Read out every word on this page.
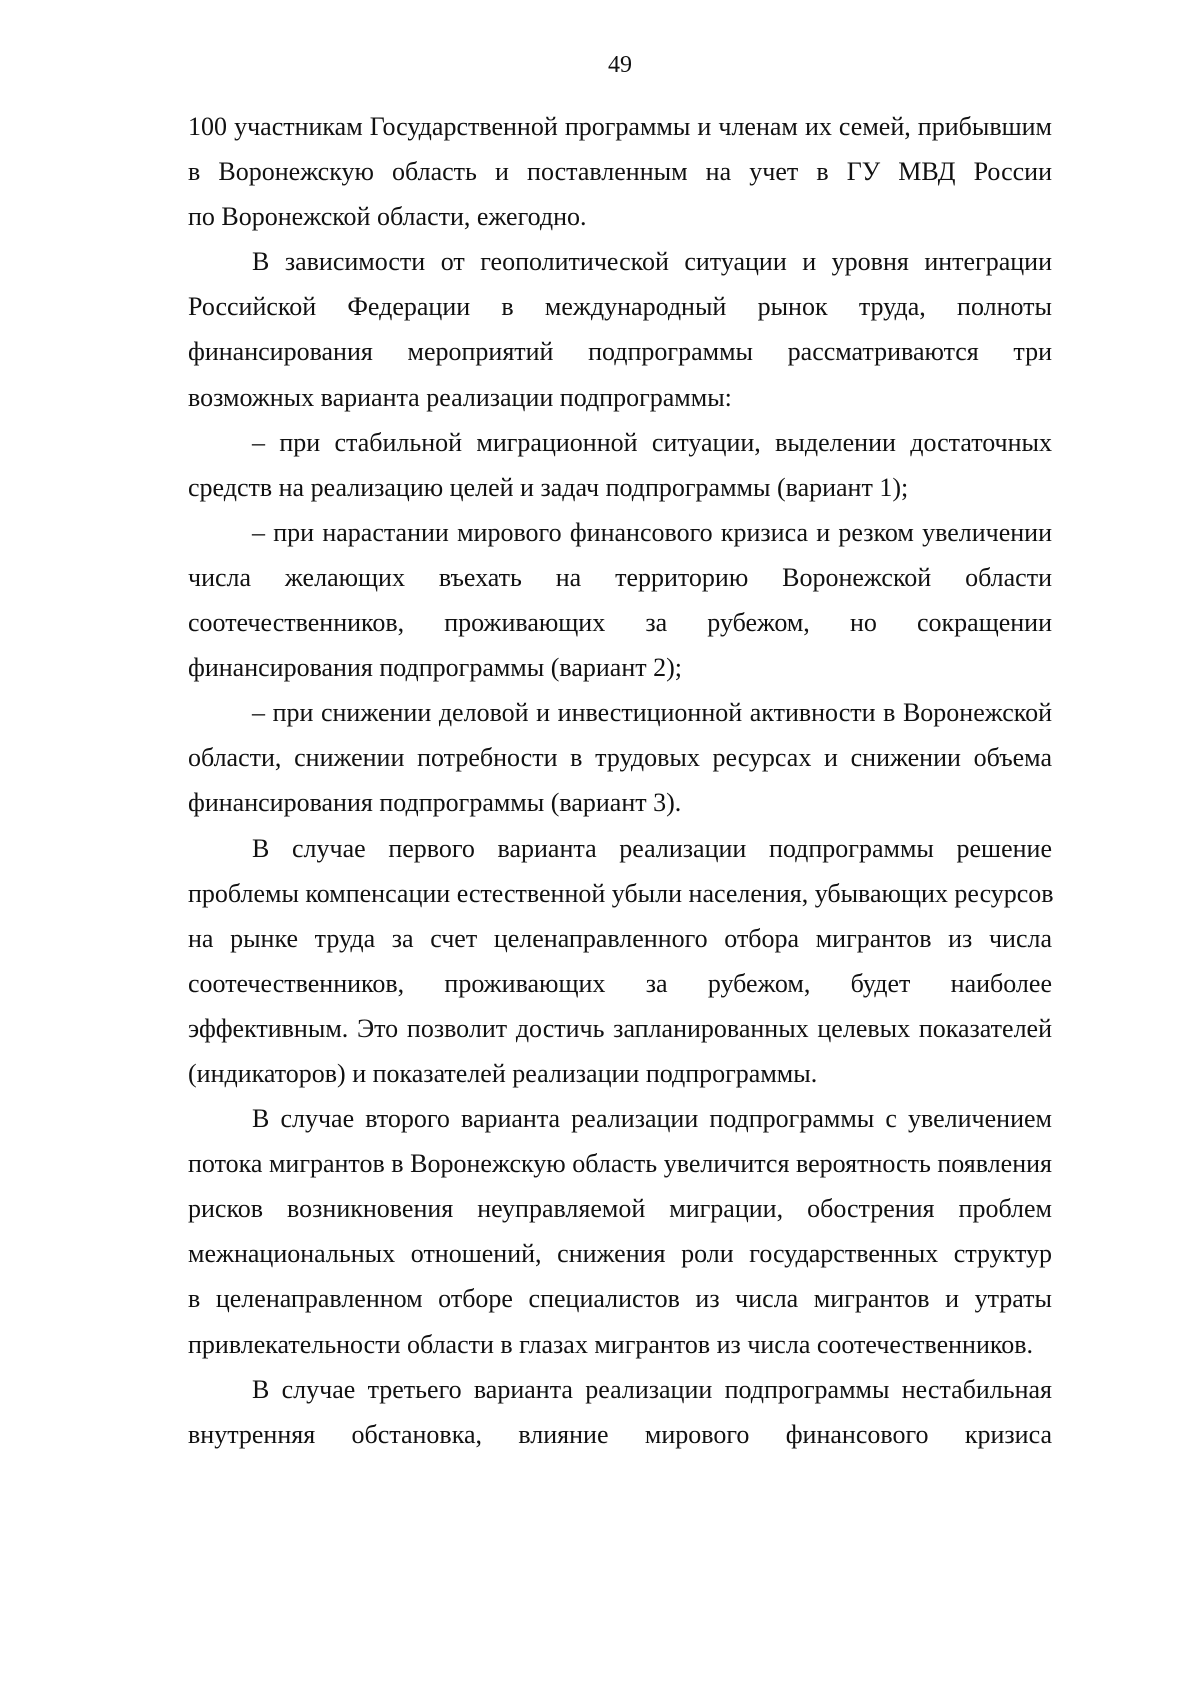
49
100 участникам Государственной программы и членам их семей, прибывшим
в Воронежскую область и поставленным на учет в ГУ МВД России
по Воронежской области, ежегодно.
В зависимости от геополитической ситуации и уровня интеграции
Российской Федерации в международный рынок труда, полноты
финансирования мероприятий подпрограммы рассматриваются три
возможных варианта реализации подпрограммы:
– при стабильной миграционной ситуации, выделении достаточных
средств на реализацию целей и задач подпрограммы (вариант 1);
– при нарастании мирового финансового кризиса и резком увеличении
числа желающих въехать на территорию Воронежской области
соотечественников, проживающих за рубежом, но сокращении
финансирования подпрограммы (вариант 2);
– при снижении деловой и инвестиционной активности в Воронежской
области, снижении потребности в трудовых ресурсах и снижении объема
финансирования подпрограммы (вариант 3).
В случае первого варианта реализации подпрограммы решение
проблемы компенсации естественной убыли населения, убывающих ресурсов
на рынке труда за счет целенаправленного отбора мигрантов из числа
соотечественников, проживающих за рубежом, будет наиболее
эффективным. Это позволит достичь запланированных целевых показателей
(индикаторов) и показателей реализации подпрограммы.
В случае второго варианта реализации подпрограммы с увеличением
потока мигрантов в Воронежскую область увеличится вероятность появления
рисков возникновения неуправляемой миграции, обострения проблем
межнациональных отношений, снижения роли государственных структур
в целенаправленном отборе специалистов из числа мигрантов и утраты
привлекательности области в глазах мигрантов из числа соотечественников.
В случае третьего варианта реализации подпрограммы нестабильная
внутренняя обстановка, влияние мирового финансового кризиса
